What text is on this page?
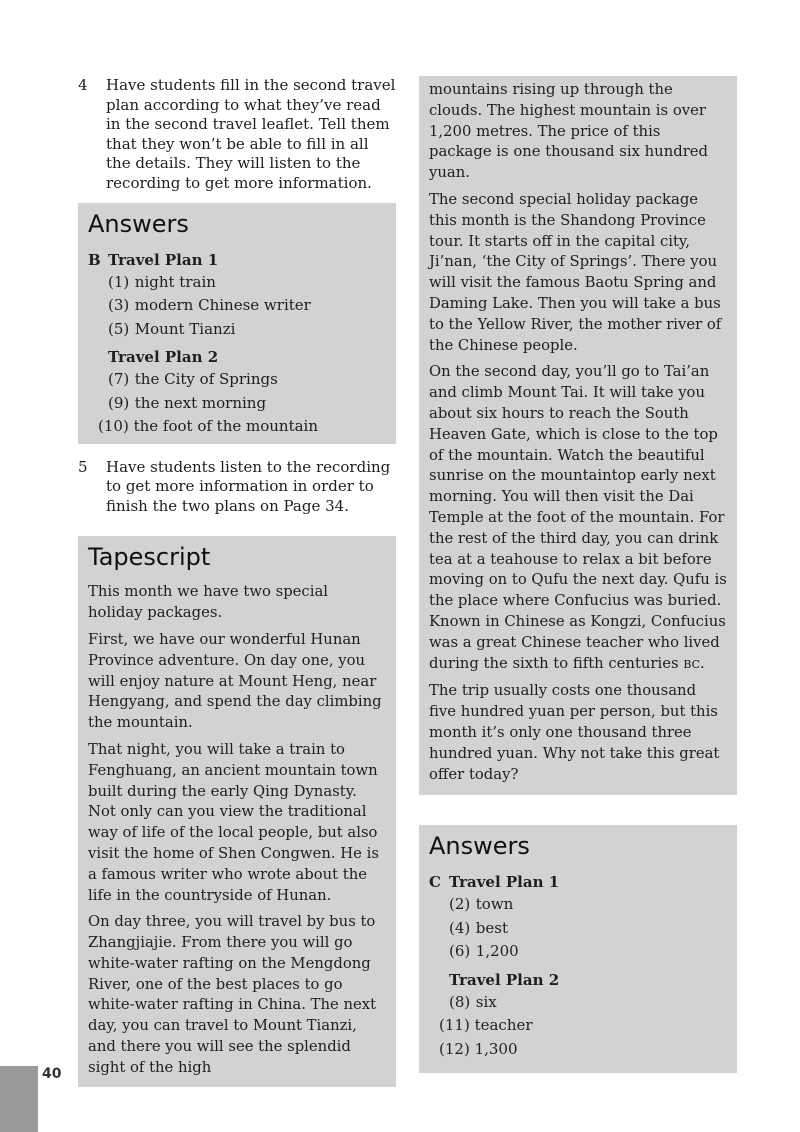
4 Have students fill in the second travel plan according to what they’ve read in the second travel leaflet. Tell them that they won’t be able to fill in all the details. They will listen to the recording to get more information.
Answers
B Travel Plan 1
(1) night train
(3) modern Chinese writer
(5) Mount Tianzi
Travel Plan 2
(7) the City of Springs
(9) the next morning
(10) the foot of the mountain
5 Have students listen to the recording to get more information in order to finish the two plans on Page 34.
Tapescript

This month we have two special holiday packages.

First, we have our wonderful Hunan Province adventure. On day one, you will enjoy nature at Mount Heng, near Hengyang, and spend the day climbing the mountain.

That night, you will take a train to Fenghuang, an ancient mountain town built during the early Qing Dynasty. Not only can you view the traditional way of life of the local people, but also visit the home of Shen Congwen. He is a famous writer who wrote about the life in the countryside of Hunan.

On day three, you will travel by bus to Zhangjiajie. From there you will go white-water rafting on the Mengdong River, one of the best places to go white-water rafting in China. The next day, you can travel to Mount Tianzi, and there you will see the splendid sight of the high

mountains rising up through the clouds. The highest mountain is over 1,200 metres. The price of this package is one thousand six hundred yuan.

The second special holiday package this month is the Shandong Province tour. It starts off in the capital city, Ji’nan, ‘the City of Springs’. There you will visit the famous Baotu Spring and Daming Lake. Then you will take a bus to the Yellow River, the mother river of the Chinese people.

On the second day, you’ll go to Tai’an and climb Mount Tai. It will take you about six hours to reach the South Heaven Gate, which is close to the top of the mountain. Watch the beautiful sunrise on the mountaintop early next morning. You will then visit the Dai Temple at the foot of the mountain. For the rest of the third day, you can drink tea at a teahouse to relax a bit before moving on to Qufu the next day. Qufu is the place where Confucius was buried. Known in Chinese as Kongzi, Confucius was a great Chinese teacher who lived during the sixth to fifth centuries BC.

The trip usually costs one thousand five hundred yuan per person, but this month it’s only one thousand three hundred yuan. Why not take this great offer today?

Answers
C Travel Plan 1
(2) town
(4) best
(6) 1,200
Travel Plan 2
(8) six
(11) teacher
(12) 1,300
40
